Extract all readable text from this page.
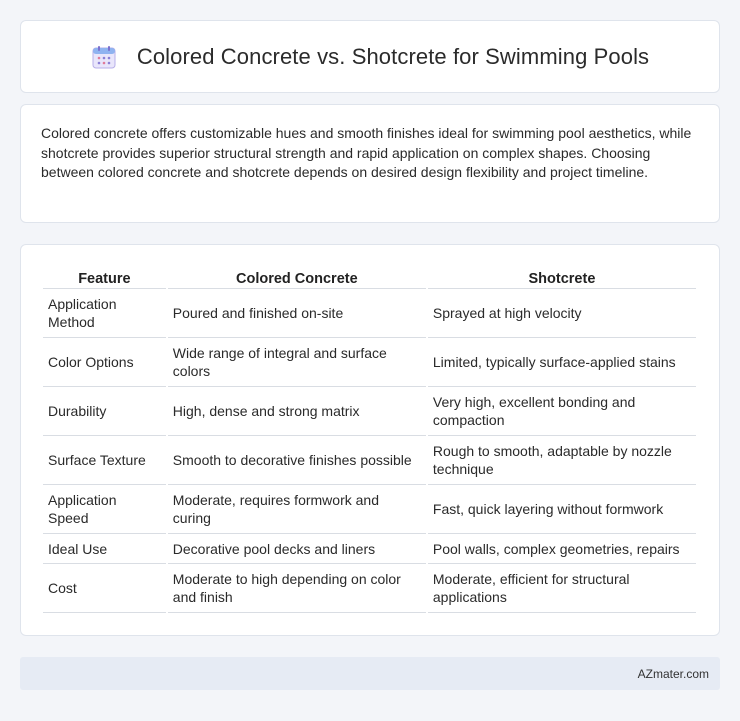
Colored Concrete vs. Shotcrete for Swimming Pools

Colored concrete offers customizable hues and smooth finishes ideal for swimming pool aesthetics, while shotcrete provides superior structural strength and rapid application on complex shapes. Choosing between colored concrete and shotcrete depends on desired design flexibility and project timeline.

Feature	Colored Concrete	Shotcrete
Application Method	Poured and finished on-site	Sprayed at high velocity
Color Options	Wide range of integral and surface colors	Limited, typically surface-applied stains
Durability	High, dense and strong matrix	Very high, excellent bonding and compaction
Surface Texture	Smooth to decorative finishes possible	Rough to smooth, adaptable by nozzle technique
Application Speed	Moderate, requires formwork and curing	Fast, quick layering without formwork
Ideal Use	Decorative pool decks and liners	Pool walls, complex geometries, repairs
Cost	Moderate to high depending on color and finish	Moderate, efficient for structural applications
AZmater.com
